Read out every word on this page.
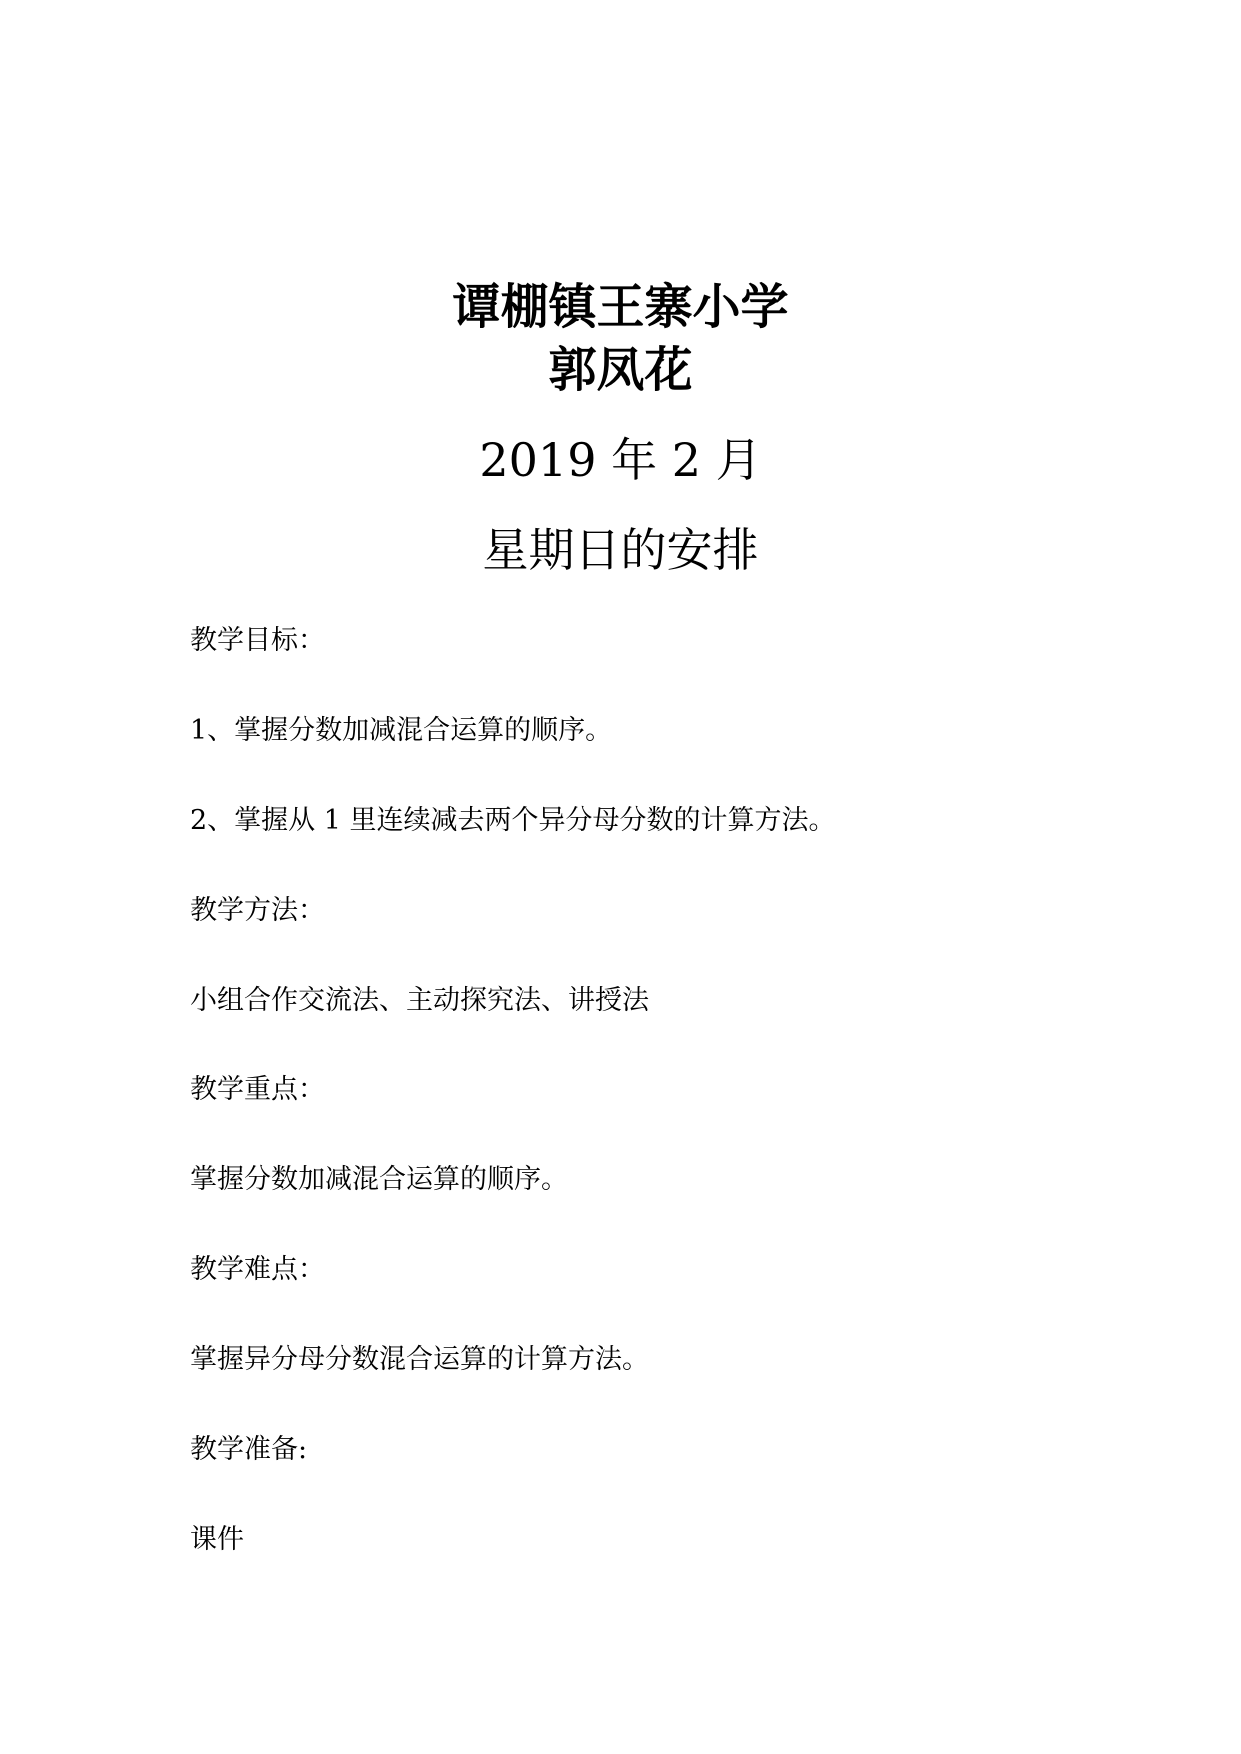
谭棚镇王寨小学
郭凤花
2019 年 2 月
星期日的安排
教学目标：
1、掌握分数加减混合运算的顺序。
2、掌握从 1 里连续减去两个异分母分数的计算方法。
教学方法：
小组合作交流法、主动探究法、讲授法
教学重点：
掌握分数加减混合运算的顺序。
教学难点：
掌握异分母分数混合运算的计算方法。
教学准备:
课件
